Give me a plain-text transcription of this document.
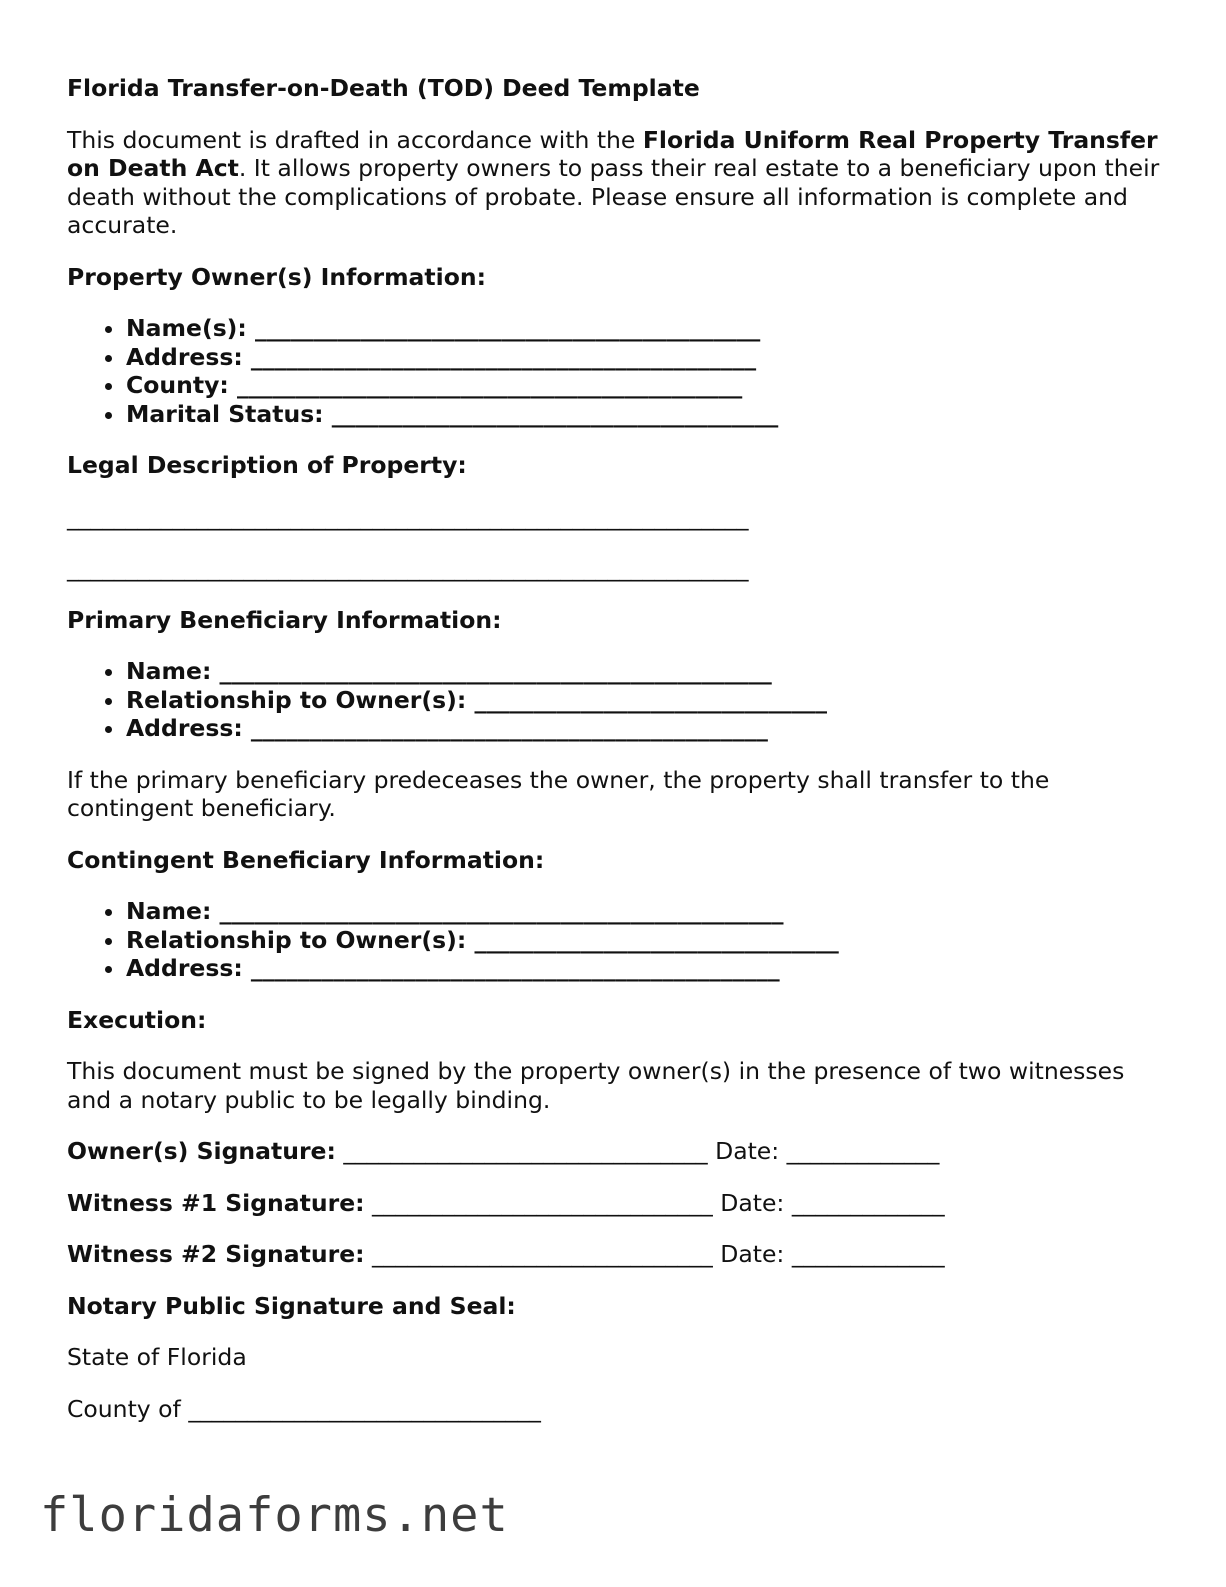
Florida Transfer-on-Death (TOD) Deed Template

This document is drafted in accordance with the Florida Uniform Real Property Transfer on Death Act. It allows property owners to pass their real estate to a beneficiary upon their death without the complications of probate. Please ensure all information is complete and accurate.

Property Owner(s) Information:
• Name(s): ___________________________________________
• Address: ___________________________________________
• County: ___________________________________________
• Marital Status: ______________________________________
Legal Description of Property:
__________________________________________________________
__________________________________________________________
Primary Beneficiary Information:
• Name: _______________________________________________
• Relationship to Owner(s): ______________________________
• Address: ____________________________________________

If the primary beneficiary predeceases the owner, the property shall transfer to the contingent beneficiary.

Contingent Beneficiary Information:
• Name: ________________________________________________
• Relationship to Owner(s): _______________________________
• Address: _____________________________________________
Execution:

This document must be signed by the property owner(s) in the presence of two witnesses and a notary public to be legally binding.

Owner(s) Signature: _______________________________ Date: _____________
Witness #1 Signature: _____________________________ Date: _____________
Witness #2 Signature: _____________________________ Date: _____________
Notary Public Signature and Seal:

State of Florida

County of ______________________________

floridaforms.net
